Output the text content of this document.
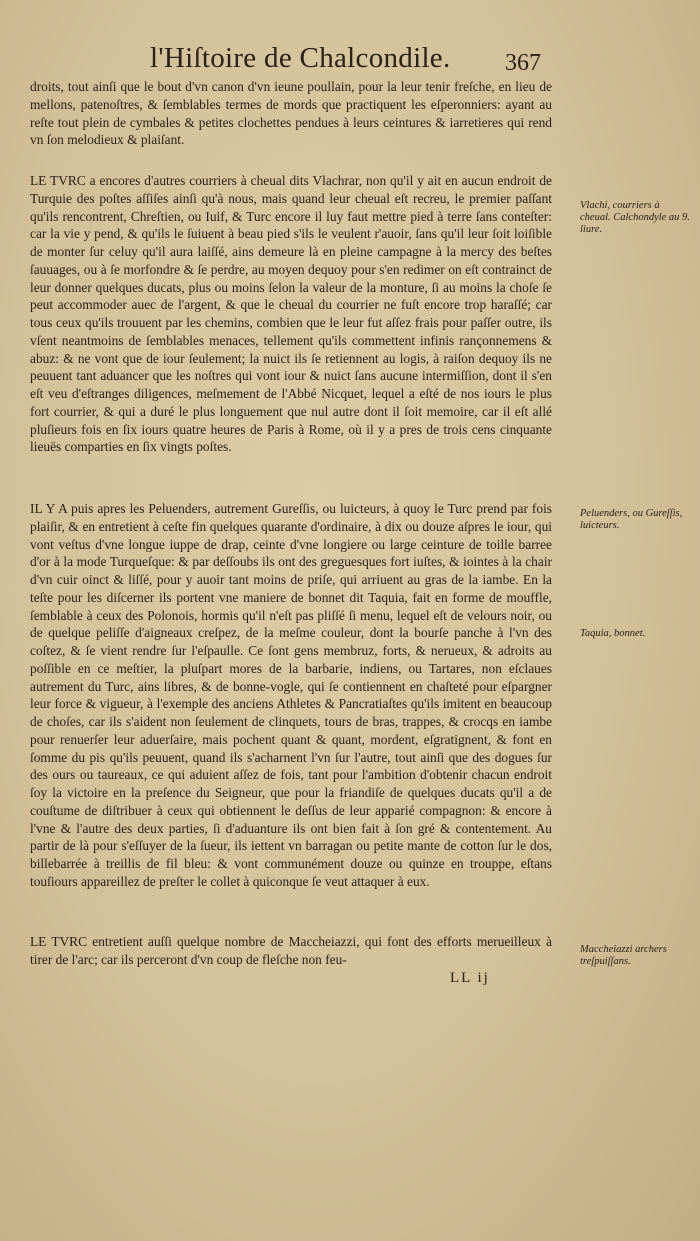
l'Hiſtoire de Chalcondile. 367

droits, tout ainſi que le bout d'vn canon d'vn ieune poullain, pour la leur tenir freſche, en lieu de mellons, patenoſtres, & ſemblables termes de mords que practiquent les eſperonniers: ayant au reſte tout plein de cymbales & petites clochettes pendues à leurs ceintures & iarretieres qui rend vn ſon melodieux & plaiſant.

LE TVRC a encores d'autres courriers à cheual dits Vlachrar, non qu'il y ait en aucun endroit de Turquie des poſtes aſſiſes ainſi qu'à nous, mais quand leur cheual eſt recreu, le premier paſſant qu'ils rencontrent, Chreſtien, ou Iuif, & Turc encore il luy faut mettre pied à terre ſans conteſter: car la vie y pend, & qu'ils le ſuiuent à beau pied s'ils le veulent r'auoir, ſans qu'il leur ſoit loiſible de monter ſur celuy qu'il aura laiſſé, ains demeure là en pleine campagne à la mercy des beſtes ſauuages, ou à ſe morfondre & ſe perdre, au moyen dequoy pour s'en redimer on eſt contrainct de leur donner quelques ducats, plus ou moins ſelon la valeur de la monture, ſi au moins la choſe ſe peut accommoder auec de l'argent, & que le cheual du courrier ne fuſt encore trop haraſſé; car tous ceux qu'ils trouuent par les chemins, combien que le leur fut aſſez frais pour paſſer outre, ils vſent neantmoins de ſemblables menaces, tellement qu'ils commettent infinis rançonnemens & abuz: & ne vont que de iour ſeulement; la nuict ils ſe retiennent au logis, à raiſon dequoy ils ne peuuent tant aduancer que les noſtres qui vont iour & nuict ſans aucune intermiſſion, dont il s'en eſt veu d'eſtranges diligences, meſmement de l'Abbé Nicquet, lequel a eſté de nos iours le plus fort courrier, & qui a duré le plus longuement que nul autre dont il ſoit memoire, car il eſt allé pluſieurs fois en ſix iours quatre heures de Paris à Rome, où il y a pres de trois cens cinquante lieuës comparties en ſix vingts poſtes.

IL Y A puis apres les Peluenders, autrement Gureſſis, ou luicteurs, à quoy le Turc prend par fois plaiſir, & en entretient à ceſte fin quelques quarante d'ordinaire, à dix ou douze aſpres le iour, qui vont veſtus d'vne longue iuppe de drap, ceinte d'vne longiere ou large ceinture de toille barree d'or à la mode Turqueſque: & par deſſoubs ils ont des greguesques fort iuſtes, & iointes à la chair d'vn cuir oinct & liſſé, pour y auoir tant moins de priſe, qui arriuent au gras de la iambe. En la teſte pour les diſcerner ils portent vne maniere de bonnet dit Taquia, fait en forme de mouffle, ſemblable à ceux des Polonois, hormis qu'il n'eſt pas pliſſé ſi menu, lequel eſt de velours noir, ou de quelque peliſſe d'aigneaux creſpez, de la meſme couleur, dont la bourſe panche à l'vn des coſtez, & ſe vient rendre ſur l'eſpaulle. Ce ſont gens membruz, forts, & nerueux, & adroits au poſſible en ce meſtier, la pluſpart mores de la barbarie, indiens, ou Tartares, non eſclaues autrement du Turc, ains libres, & de bonne-vogle, qui ſe contiennent en chaſteté pour eſpargner leur force & vigueur, à l'exemple des anciens Athletes & Pancratiaſtes qu'ils imitent en beaucoup de choſes, car ils s'aident non ſeulement de clinquets, tours de bras, trappes, & crocqs en iambe pour renuerſer leur aduerſaire, mais pochent quant & quant, mordent, eſgratignent, & font en ſomme du pis qu'ils peuuent, quand ils s'acharnent l'vn ſur l'autre, tout ainſi que des dogues ſur des ours ou taureaux, ce qui aduient aſſez de fois, tant pour l'ambition d'obtenir chacun endroit ſoy la victoire en la preſence du Seigneur, que pour la friandiſe de quelques ducats qu'il a de couſtume de diſtribuer à ceux qui obtiennent le deſſus de leur apparié compagnon: & encore à l'vne & l'autre des deux parties, ſi d'aduanture ils ont bien fait à ſon gré & contentement. Au partir de là pour s'eſſuyer de la ſueur, ils iettent vn barragan ou petite mante de cotton ſur le dos, billebarrée à treillis de fil bleu: & vont communément douze ou quinze en trouppe, eſtans touſiours appareillez de preſter le collet à quiconque ſe veut attaquer à eux.

LE TVRC entretient auſſi quelque nombre de Maccheiazzi, qui font des efforts merueilleux à tirer de l'arc; car ils perceront d'vn coup de fleſche non feu-

Vlachi, courriers à cheual. Calchondyle au 9. liure.
Peluenders, ou Gureſſis, luicteurs.
Taquia, bonnet.
Maccheiazzi archers treſpuiſſans.
LL ij
